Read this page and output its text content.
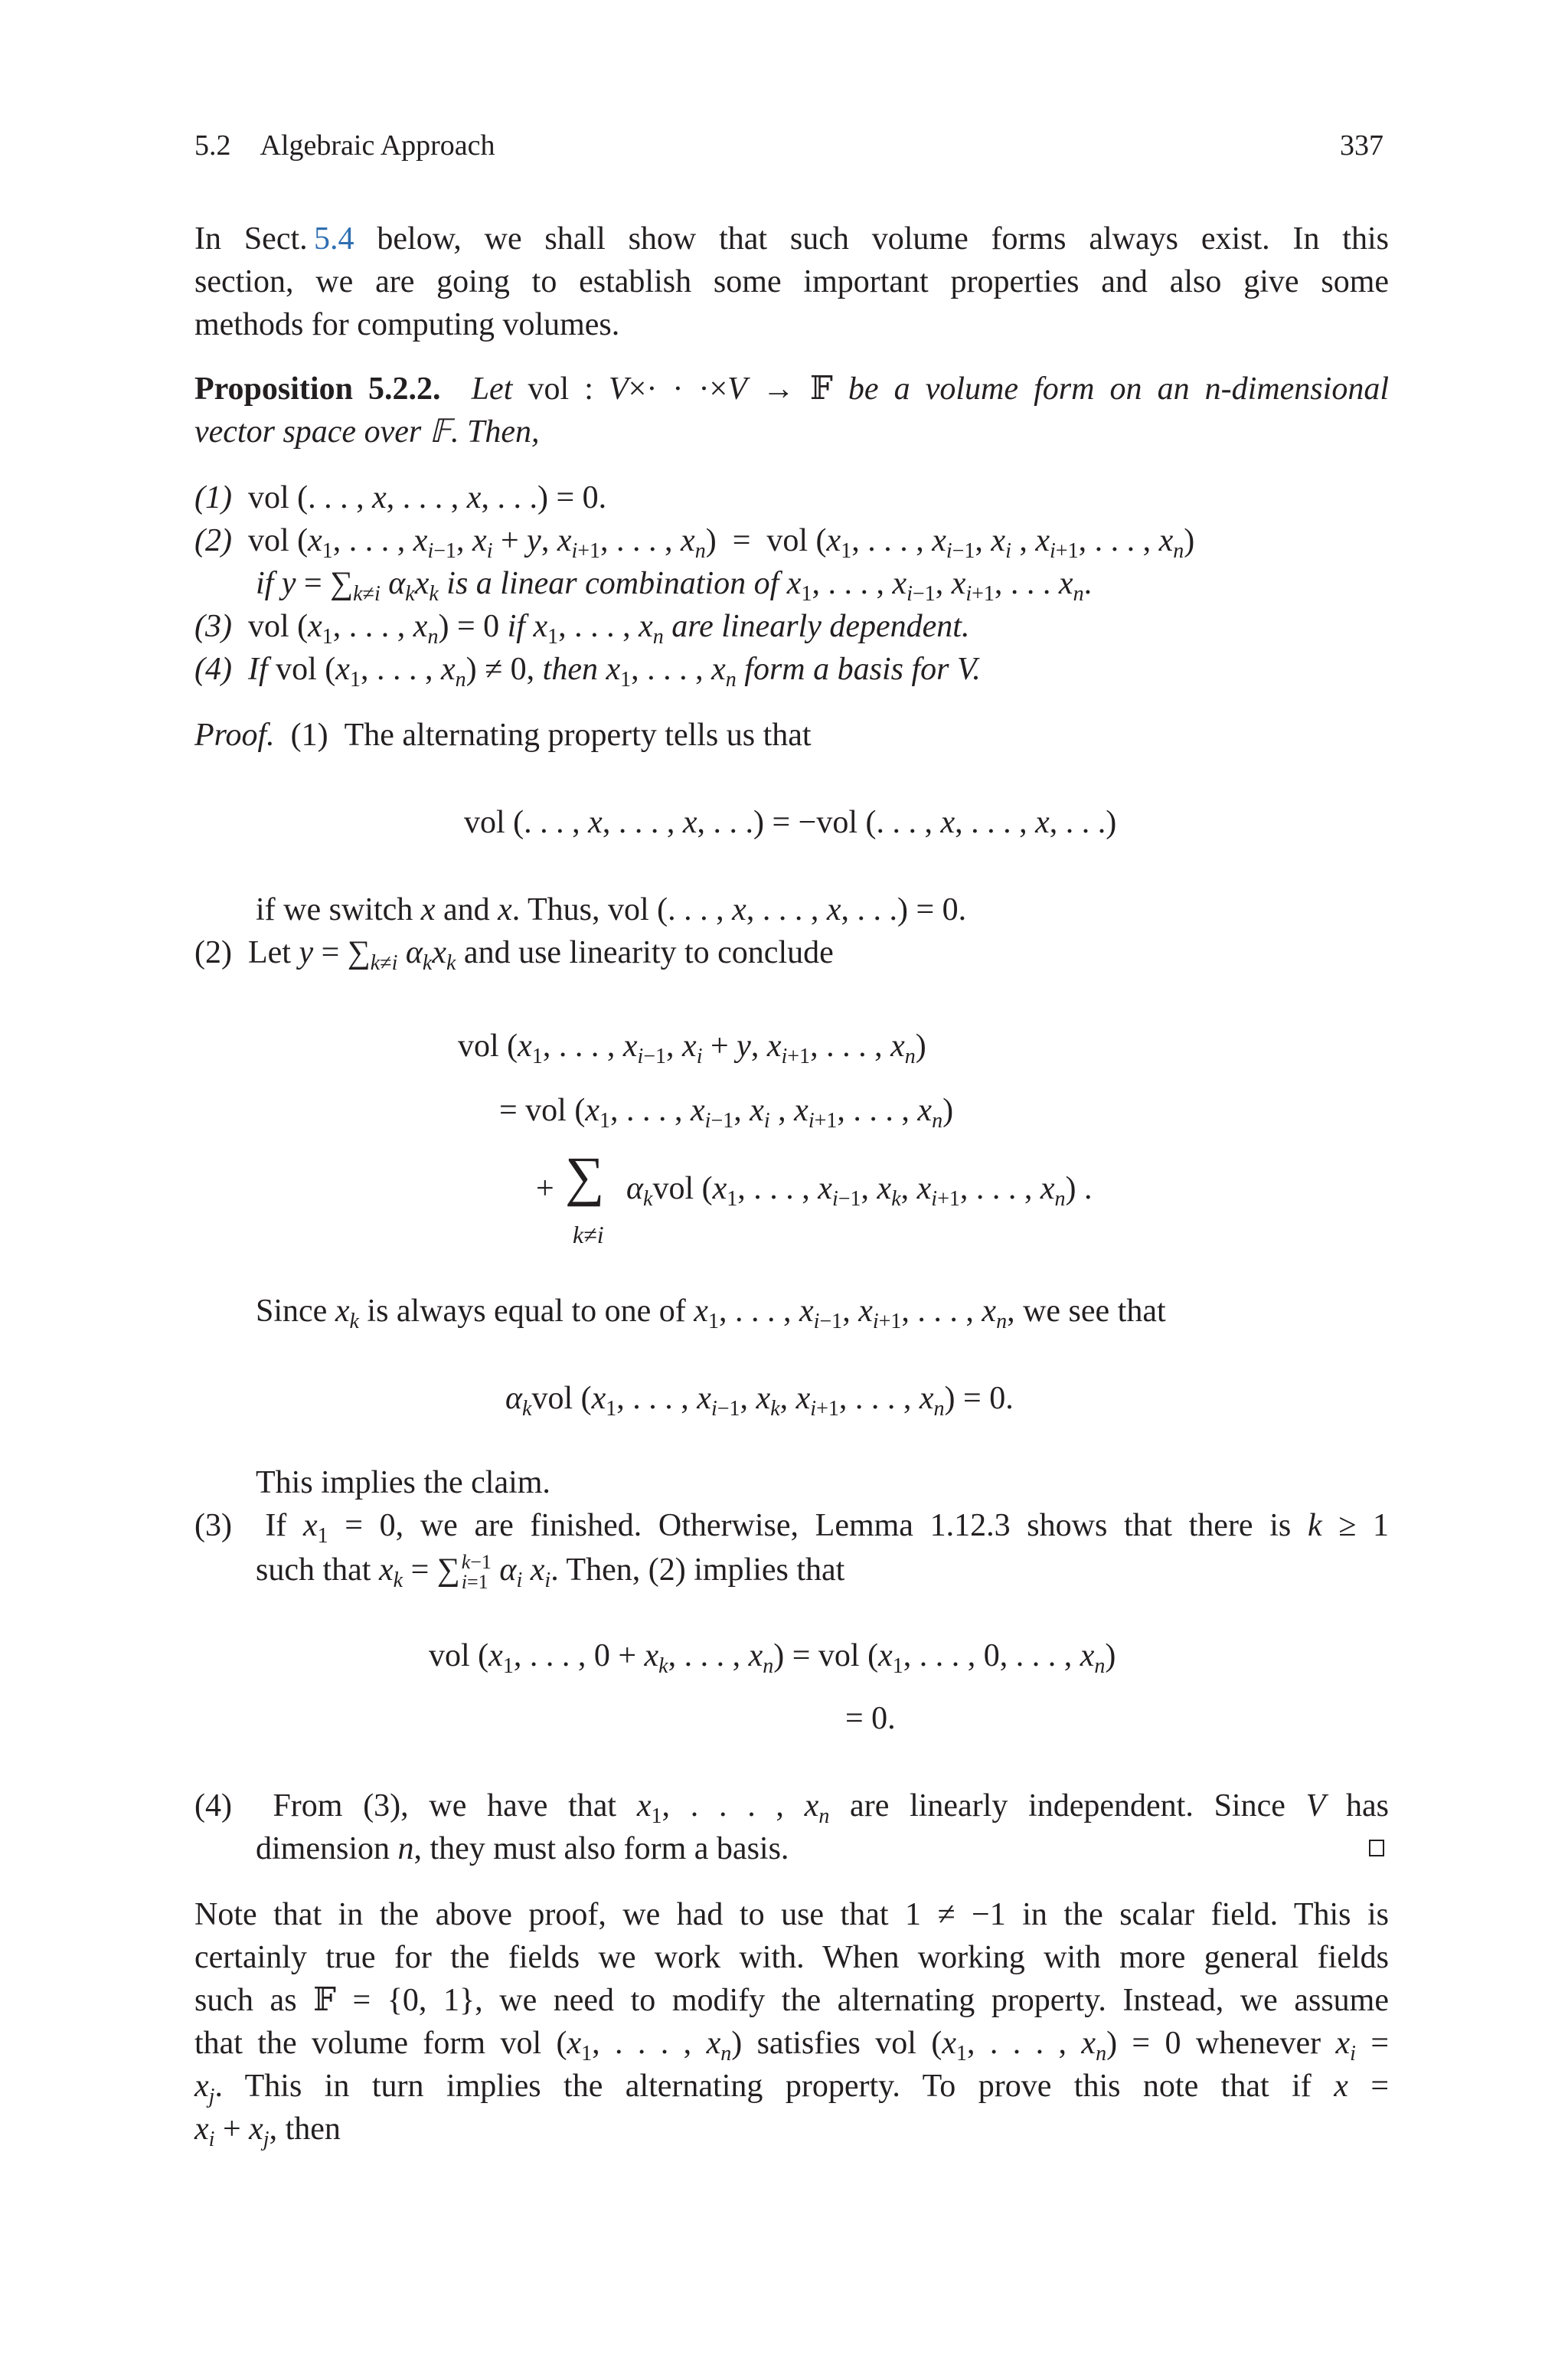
5.2 Algebraic Approach	337
In Sect. 5.4 below, we shall show that such volume forms always exist. In this
section, we are going to establish some important properties and also give some
methods for computing volumes.
Proposition 5.2.2. Let vol : V×· · ·×V → 𝔽 be a volume form on an n-dimensional
vector space over 𝔽. Then,
(1)  vol (. . . , x, . . . , x, . . .) = 0.
(2)  vol ($x_1$, . . . , $x_{i-1}$, $x_i + y$, $x_{i+1}$, . . . , $x_n$)  =  vol ($x_1$, . . . , $x_{i-1}$, $x_i$ , $x_{i+1}$, . . . , $x_n$)
if $y = \sum_{k\ne i}$ $\alpha_kx_k$ is a linear combination of $x_1$, . . . , $x_{i-1}$, $x_{i+1}$, . . . $x_n$.
(3)  vol ($x_1$, . . . , $x_n) = 0$ if $x_1$, . . . , $x_n$ are linearly dependent.
(4) If vol ($x_1$, . . . , $x_n) \ne 0$, then $x_1$, . . . , $x_n$ form a basis for V.
Proof. (1) The alternating property tells us that
vol (. . . , x, . . . , x, . . .) = −vol (. . . , x, . . . , x, . . .)
if we switch x and x. Thus, vol (. . . , x, . . . , x, . . .) = 0.
(2)  Let $y = \sum_{k\ne i}$ $\alpha_kx_k$ and use linearity to conclude
vol ($x_1$, . . . , $x_{i-1}$, $x_i + y$, $x_{i+1}$, . . . , $x_n$)
= vol ($x_1$, . . . , $x_{i-1}$, $x_i$ , $x_{i+1}$, . . . , $x_n$)
+ ∑
k≠i
$\alpha_kvol$ ($x_1$, . . . , $x_{i-1}$, $x_k$, $x_{i+1}$, . . . , $x_n$) .
Since $x_k$ is always equal to one of $x_1$, . . . , $x_{i-1}$, $x_{i+1}$, . . . , $x_n$, we see that
$\alpha_kvol$ ($x_1$, . . . , $x_{i-1}$, $x_k$, $x_{i+1}$, . . . , $x_n) = 0$.
This implies the claim.
(3)  If $x_1 = 0$, we are finished. Otherwise, Lemma 1.12.3 shows that there is k ≥ 1
such that $x_k$ = ∑ k−1
i=1 $\alpha_i$ $x_i$. Then, (2) implies that
vol ($x_1$, . . . , $0 + x_k$, . . . , $x_n$) = vol ($x_1$, . . . , 0, . . . , $x_n$)
= 0.
(4)  From (3), we have that $x_1$, . . . , $x_n$ are linearly independent. Since V has
dimension n, they must also form a basis.
Note that in the above proof, we had to use that 1 ≠ −1 in the scalar field. This is
certainly true for the fields we work with. When working with more general fields
such as 𝔽 = {0, 1}, we need to modify the alternating property. Instead, we assume
that the volume form vol ($x_1$, . . . , $x_n$) satisfies vol ($x_1$, . . . , $x_n) = 0$ whenever $x_i$ =
$x_j$. This in turn implies the alternating property. To prove this note that if x =
$x_i + x_j$, then
